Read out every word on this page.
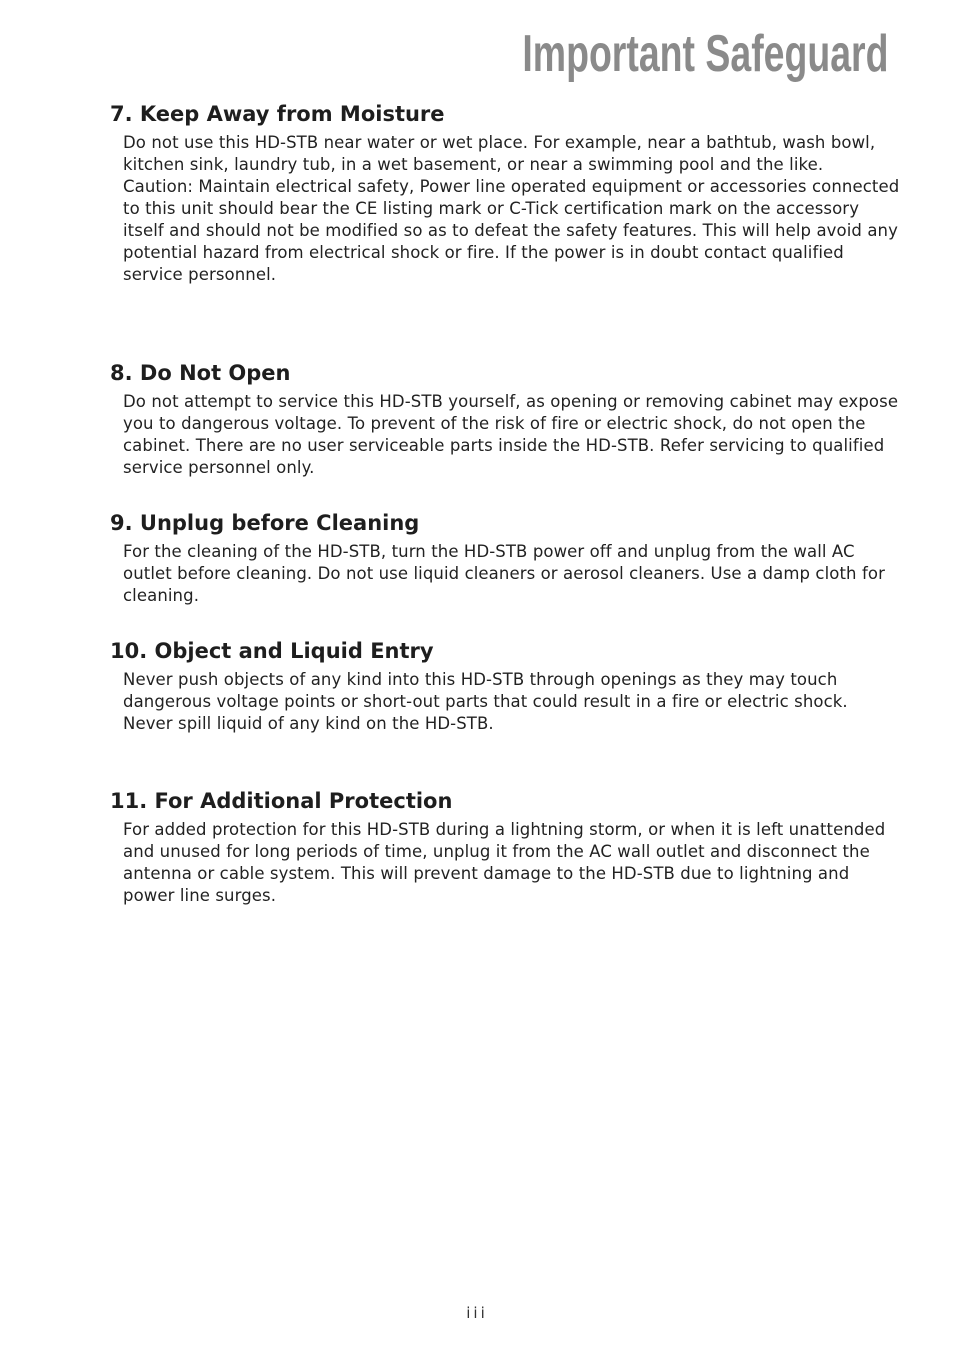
Important Safeguard
7. Keep Away from Moisture

Do not use this HD-STB near water or wet place. For example, near a bathtub, wash bowl, kitchen sink, laundry tub, in a wet basement, or near a swimming pool and the like.

Caution: Maintain electrical safety, Power line operated equipment or accessories connected to this unit should bear the CE listing mark or C-Tick certification mark on the accessory itself and should not be modified so as to defeat the safety features. This will help avoid any potential hazard from electrical shock or fire. If the power is in doubt contact qualified service personnel.

8. Do Not Open

Do not attempt to service this HD-STB yourself, as opening or removing cabinet may expose you to dangerous voltage. To prevent of the risk of fire or electric shock, do not open the cabinet. There are no user serviceable parts inside the HD-STB. Refer servicing to qualified service personnel only.

9. Unplug before Cleaning

For the cleaning of the HD-STB, turn the HD-STB power off and unplug from the wall AC outlet before cleaning. Do not use liquid cleaners or aerosol cleaners. Use a damp cloth for cleaning.

10. Object and Liquid Entry

Never push objects of any kind into this HD-STB through openings as they may touch dangerous voltage points or short-out parts that could result in a fire or electric shock.

Never spill liquid of any kind on the HD-STB.

11. For Additional Protection

For added protection for this HD-STB during a lightning storm, or when it is left unattended and unused for long periods of time, unplug it from the AC wall outlet and disconnect the antenna or cable system. This will prevent damage to the HD-STB due to lightning and power line surges.

iii
